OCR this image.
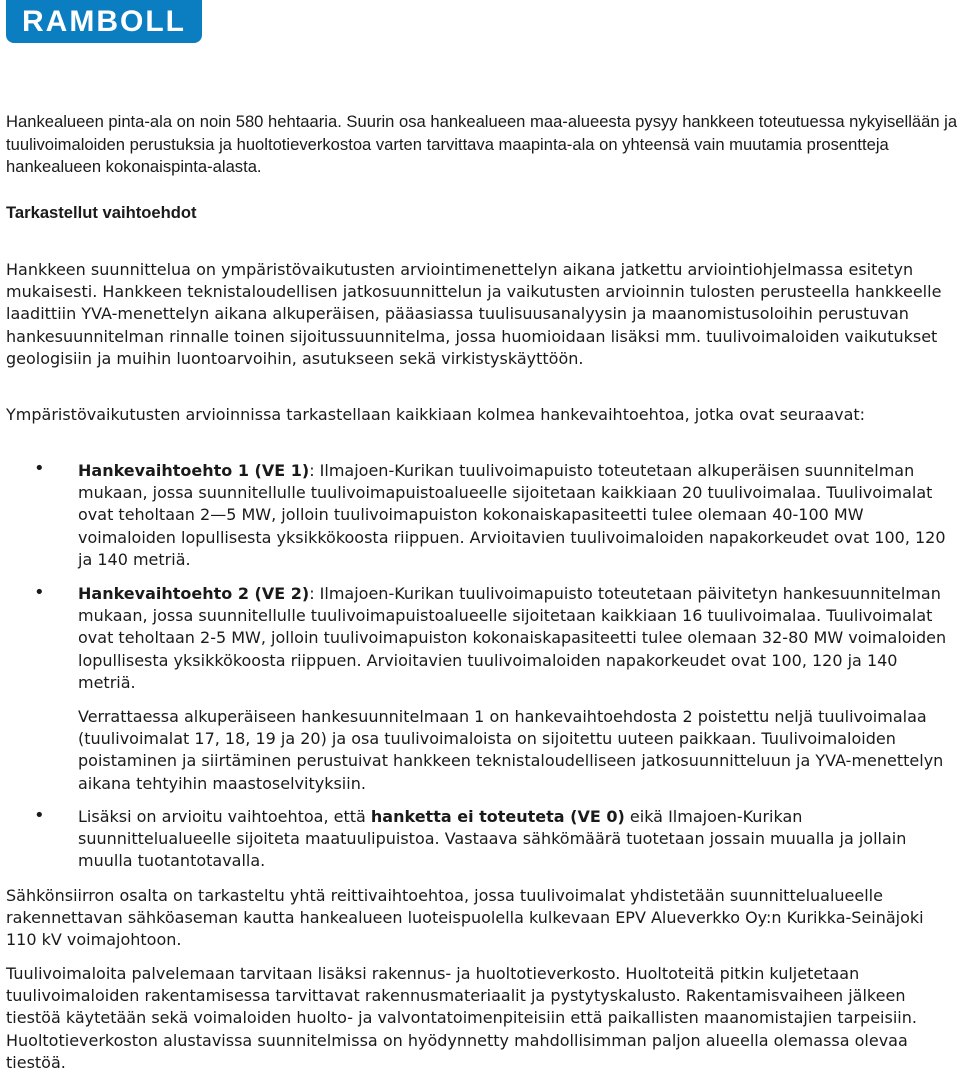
RAMBOLL

Hankealueen pinta-ala on noin 580 hehtaaria. Suurin osa hankealueen maa-alueesta pysyy hankkeen toteutuessa nykyisellään ja tuulivoimaloiden perustuksia ja huoltotieverkostoa varten tarvittava maapinta-ala on yhteensä vain muutamia prosentteja hankealueen kokonaispinta-alasta.

Tarkastellut vaihtoehdot

Hankkeen suunnittelua on ympäristövaikutusten arviointimenettelyn aikana jatkettu arviointiohjelmassa esitetyn mukaisesti. Hankkeen teknistaloudellisen jatkosuunnittelun ja vaikutusten arvioinnin tulosten perusteella hankkeelle laadittiin YVA-menettelyn aikana alkuperäisen, pääasiassa tuulisuusanalyysin ja maanomistusoloihin perustuvan hankesuunnitelman rinnalle toinen sijoitussuunnitelma, jossa huomioidaan lisäksi mm. tuulivoimaloiden vaikutukset geologisiin ja muihin luontoarvoihin, asutukseen sekä virkistyskäyttöön.

Ympäristövaikutusten arvioinnissa tarkastellaan kaikkiaan kolmea hankevaihtoehtoa, jotka ovat seuraavat:

• Hankevaihtoehto 1 (VE 1): Ilmajoen-Kurikan tuulivoimapuisto toteutetaan alkuperäisen suunnitelman mukaan, jossa suunnitellulle tuulivoimapuistoalueelle sijoitetaan kaikkiaan 20 tuulivoimalaa. Tuulivoimalat ovat teholtaan 2—5 MW, jolloin tuulivoimapuiston kokonaiskapasiteetti tulee olemaan 40-100 MW voimaloiden lopullisesta yksikkökoosta riippuen. Arvioitavien tuulivoimaloiden napakorkeudet ovat 100, 120 ja 140 metriä.

• Hankevaihtoehto 2 (VE 2): Ilmajoen-Kurikan tuulivoimapuisto toteutetaan päivitetyn hankesuunnitelman mukaan, jossa suunnitellulle tuulivoimapuistoalueelle sijoitetaan kaikkiaan 16 tuulivoimalaa. Tuulivoimalat ovat teholtaan 2-5 MW, jolloin tuulivoimapuiston kokonaiskapasiteetti tulee olemaan 32-80 MW voimaloiden lopullisesta yksikkökoosta riippuen. Arvioitavien tuulivoimaloiden napakorkeudet ovat 100, 120 ja 140 metriä.

Verrattaessa alkuperäiseen hankesuunnitelmaan 1 on hankevaihtoehdosta 2 poistettu neljä tuulivoimalaa (tuulivoimalat 17, 18, 19 ja 20) ja osa tuulivoimaloista on sijoitettu uuteen paikkaan. Tuulivoimaloiden poistaminen ja siirtäminen perustuivat hankkeen teknistaloudelliseen jatkosuunnitteluun ja YVA-menettelyn aikana tehtyihin maastoselvityksiin.

• Lisäksi on arvioitu vaihtoehtoa, että hanketta ei toteuteta (VE 0) eikä Ilmajoen-Kurikan suunnittelualueelle sijoiteta maatuulipuistoa. Vastaava sähkömäärä tuotetaan jossain muualla ja jollain muulla tuotantotavalla.

Sähkönsiirron osalta on tarkasteltu yhtä reittivaihtoehtoa, jossa tuulivoimalat yhdistetään suunnittelualueelle rakennettavan sähköaseman kautta hankealueen luoteispuolella kulkevaan EPV Alueverkko Oy:n Kurikka-Seinäjoki 110 kV voimajohtoon.

Tuulivoimaloita palvelemaan tarvitaan lisäksi rakennus- ja huoltotieverkosto. Huoltoteitä pitkin kuljetetaan tuulivoimaloiden rakentamisessa tarvittavat rakennusmateriaalit ja pystytyskalusto. Rakentamisvaiheen jälkeen tiestöä käytetään sekä voimaloiden huolto- ja valvontatoimenpiteisiin että paikallisten maanomistajien tarpeisiin. Huoltotieverkoston alustavissa suunnitelmissa on hyödynnetty mahdollisimman paljon alueella olemassa olevaa tiestöä.
